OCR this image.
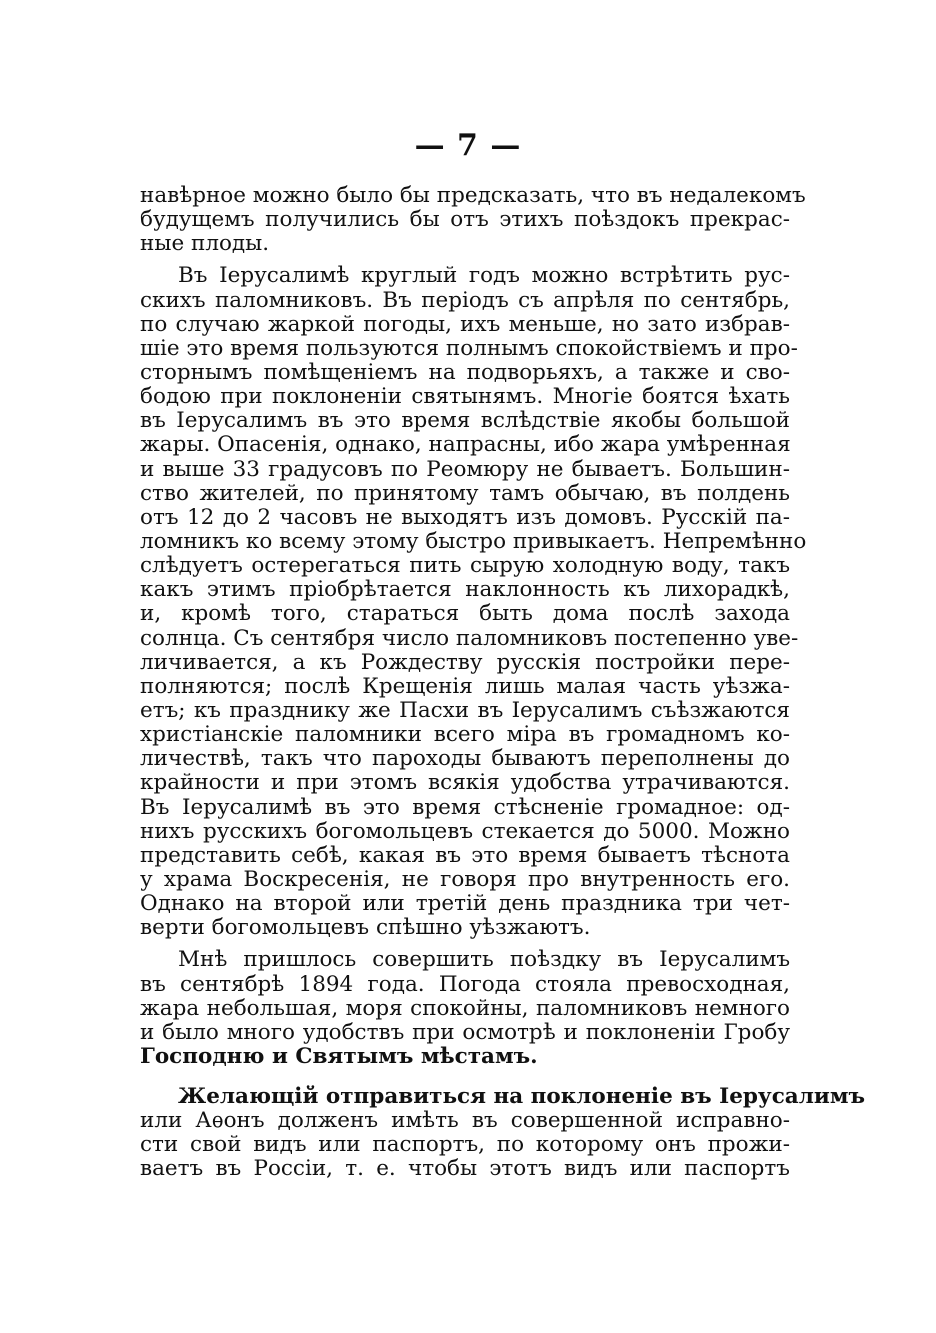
— 7 —
навѣрное можно было бы предсказать, что въ недалекомъ
будущемъ получились бы отъ этихъ поѣздокъ прекрас-
ные плоды.
Въ Іерусалимѣ круглый годъ можно встрѣтить рус-
скихъ паломниковъ. Въ періодъ съ апрѣля по сентябрь,
по случаю жаркой погоды, ихъ меньше, но зато избрав-
шіе это время пользуются полнымъ спокойствіемъ и про-
сторнымъ помѣщеніемъ на подворьяхъ, а также и сво-
бодою при поклоненіи святынямъ. Многіе боятся ѣхать
въ Іерусалимъ въ это время вслѣдствіе якобы большой
жары. Опасенія, однако, напрасны, ибо жара умѣренная
и выше 33 градусовъ по Реомюру не бываетъ. Большин-
ство жителей, по принятому тамъ обычаю, въ полдень
отъ 12 до 2 часовъ не выходятъ изъ домовъ. Русскій па-
ломникъ ко всему этому быстро привыкаетъ. Непремѣнно
слѣдуетъ остерегаться пить сырую холодную воду, такъ
какъ этимъ пріобрѣтается наклонность къ лихорадкѣ,
и, кромѣ того, стараться быть дома послѣ захода
солнца. Съ сентября число паломниковъ постепенно уве-
личивается, а къ Рождеству русскія постройки пере-
полняются; послѣ Крещенія лишь малая часть уѣзжа-
етъ; къ празднику же Пасхи въ Іерусалимъ съѣзжаются
христіанскіе паломники всего міра въ громадномъ ко-
личествѣ, такъ что пароходы бываютъ переполнены до
крайности и при этомъ всякія удобства утрачиваются.
Въ Іерусалимѣ въ это время стѣсненіе громадное: од-
нихъ русскихъ богомольцевъ стекается до 5000. Можно
представить себѣ, какая въ это время бываетъ тѣснота
у храма Воскресенія, не говоря про внутренность его.
Однако на второй или третій день праздника три чет-
верти богомольцевъ спѣшно уѣзжаютъ.
Мнѣ пришлось совершить поѣздку въ Іерусалимъ
въ сентябрѣ 1894 года. Погода стояла превосходная,
жара небольшая, моря спокойны, паломниковъ немного
и было много удобствъ при осмотрѣ и поклоненіи Гробу
Господню и Святымъ мѣстамъ.
Желающій отправиться на поклоненіе въ Іерусалимъ
или Аѳонъ долженъ имѣть въ совершенной исправно-
сти свой видъ или паспортъ, по которому онъ прожи-
ваетъ въ Россіи, т. е. чтобы этотъ видъ или паспортъ
